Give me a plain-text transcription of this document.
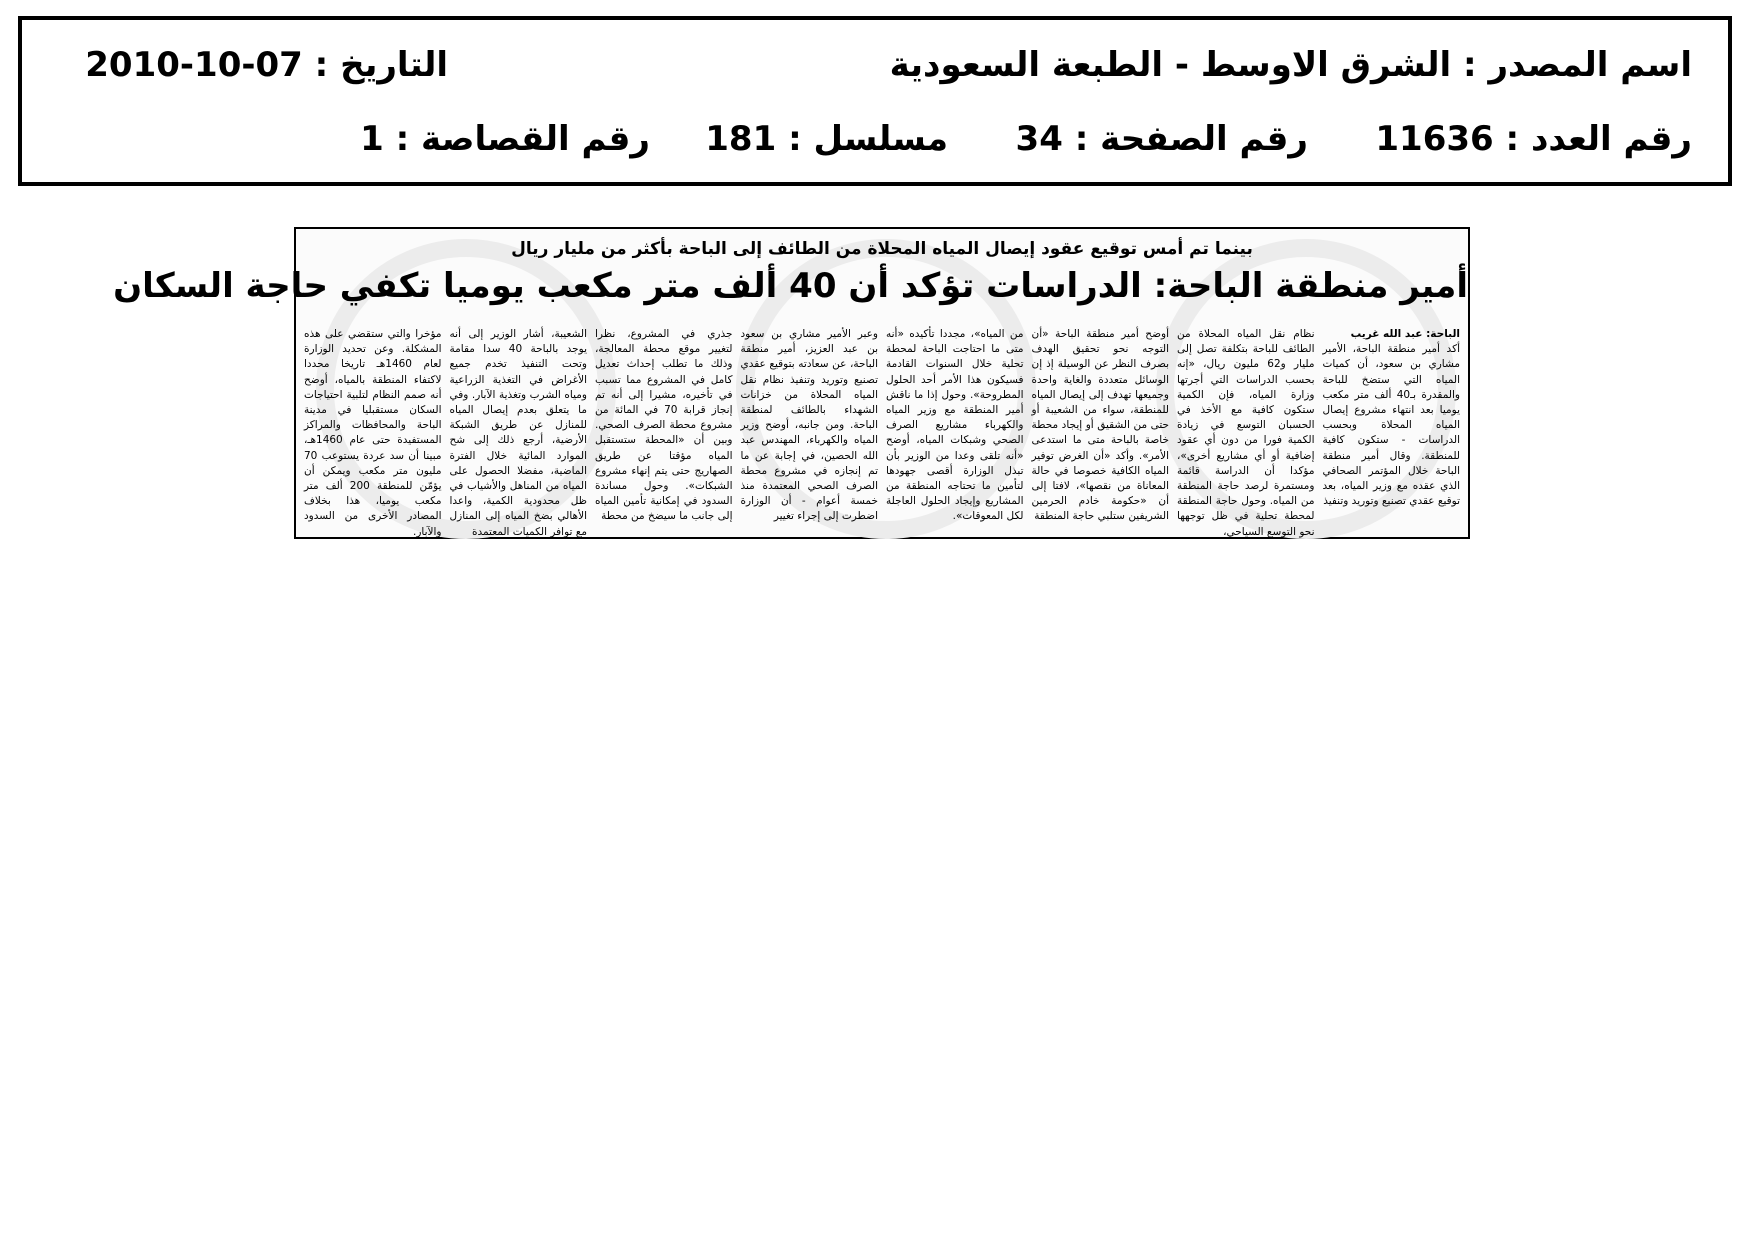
اسم المصدر : الشرق الاوسط - الطبعة السعودية
التاريخ : 07-10-2010
رقم العدد : 11636
رقم الصفحة : 34
مسلسل : 181
رقم القصاصة : 1
بينما تم أمس توقيع عقود إيصال المياه المحلاة من الطائف إلى الباحة بأكثر من مليار ريال
أمير منطقة الباحة: الدراسات تؤكد أن 40 ألف متر مكعب يوميا تكفي حاجة السكان
الباحة: عبد الله غريب
أكد أمير منطقة الباحة، الأمير مشاري بن سعود، أن كميات المياه التي ستضخ للباحة والمقدرة بـ40 ألف متر مكعب يوميا بعد انتهاء مشروع إيصال المياه المحلاة وبحسب الدراسات - ستكون كافية للمنطقة. وقال أمير منطقة الباحة خلال المؤتمر الصحافي الذي عقده مع وزير المياه، بعد توقيع عقدي تصنيع وتوريد وتنفيذ
نظام نقل المياه المحلاة من الطائف للباحة بتكلفة تصل إلى مليار و62 مليون ريال، «إنه بحسب الدراسات التي أجرتها وزارة المياه، فإن الكمية ستكون كافية مع الأخذ في الحسبان التوسع في زيادة الكمية فورا من دون أي عقود إضافية أو أي مشاريع أخرى»، مؤكدا أن الدراسة قائمة ومستمرة لرصد حاجة المنطقة من المياه. وحول حاجة المنطقة لمحطة تحلية في ظل توجهها نحو التوسع السياحي،
أوضح أمير منطقة الباحة «أن التوجه نحو تحقيق الهدف بصرف النظر عن الوسيلة إذ إن الوسائل متعددة والغاية واحدة وجميعها تهدف إلى إيصال المياه للمنطقة، سواء من الشعيبة أو حتى من الشقيق أو إيجاد محطة خاصة بالباحة متى ما استدعى الأمر». وأكد «أن الغرض توفير المياه الكافية خصوصا في حالة المعاناة من نقصها»، لافتا إلى أن «حكومة خادم الحرمين الشريفين ستلبي حاجة المنطقة
من المياه»، مجددا تأكيده «أنه متى ما احتاجت الباحة لمحطة تحلية خلال السنوات القادمة فسيكون هذا الأمر أحد الحلول المطروحة». وحول إذا ما ناقش أمير المنطقة مع وزير المياه والكهرباء مشاريع الصرف الصحي وشبكات المياه، أوضح «أنه تلقى وعدا من الوزير بأن تبذل الوزارة أقصى جهودها لتأمين ما تحتاجه المنطقة من المشاريع وإيجاد الحلول العاجلة لكل المعوقات».
وعبر الأمير مشاري بن سعود بن عبد العزيز، أمير منطقة الباحة، عن سعادته بتوقيع عقدي تصنيع وتوريد وتنفيذ نظام نقل المياه المحلاة من خزانات الشهداء بالطائف لمنطقة الباحة. ومن جانبه، أوضح وزير المياه والكهرباء، المهندس عبد الله الحصين، في إجابة عن ما تم إنجازه في مشروع محطة الصرف الصحي المعتمدة منذ خمسة أعوام - أن الوزارة اضطرت إلى إجراء تغيير
جذري في المشروع، نظرا لتغيير موقع محطة المعالجة، وذلك ما تطلب إحداث تعديل كامل في المشروع مما تسبب في تأخيره، مشيرا إلى أنه تم إنجاز قرابة 70 في المائة من مشروع محطة الصرف الصحي. وبين أن «المحطة ستستقبل المياه مؤقتا عن طريق الصهاريج حتى يتم إنهاء مشروع الشبكات». وحول مساندة السدود في إمكانية تأمين المياه إلى جانب ما سيضخ من محطة
الشعيبة، أشار الوزير إلى أنه يوجد بالباحة 40 سدا مقامة وتحت التنفيذ تخدم جميع الأغراض في التغذية الزراعية ومياه الشرب وتغذية الآبار. وفي ما يتعلق بعدم إيصال المياه للمنازل عن طريق الشبكة الأرضية، أرجع ذلك إلى شح الموارد المائية خلال الفترة الماضية، مفضلا الحصول على المياه من المناهل والأشياب في ظل محدودية الكمية، واعدا الأهالي بضخ المياه إلى المنازل مع توافر الكميات المعتمدة
مؤخرا والتي ستقضي على هذه المشكلة. وعن تحديد الوزارة لعام 1460هـ تاريخا محددا لاكتفاء المنطقة بالمياه، أوضح أنه صمم النظام لتلبية احتياجات السكان مستقبليا في مدينة الباحة والمحافظات والمراكز المستفيدة حتى عام 1460هـ، مبينا أن سد عردة يستوعب 70 مليون متر مكعب ويمكن أن يؤمّن للمنطقة 200 ألف متر مكعب يوميا، هذا بخلاف المصادر الأخرى من السدود والآبار.
